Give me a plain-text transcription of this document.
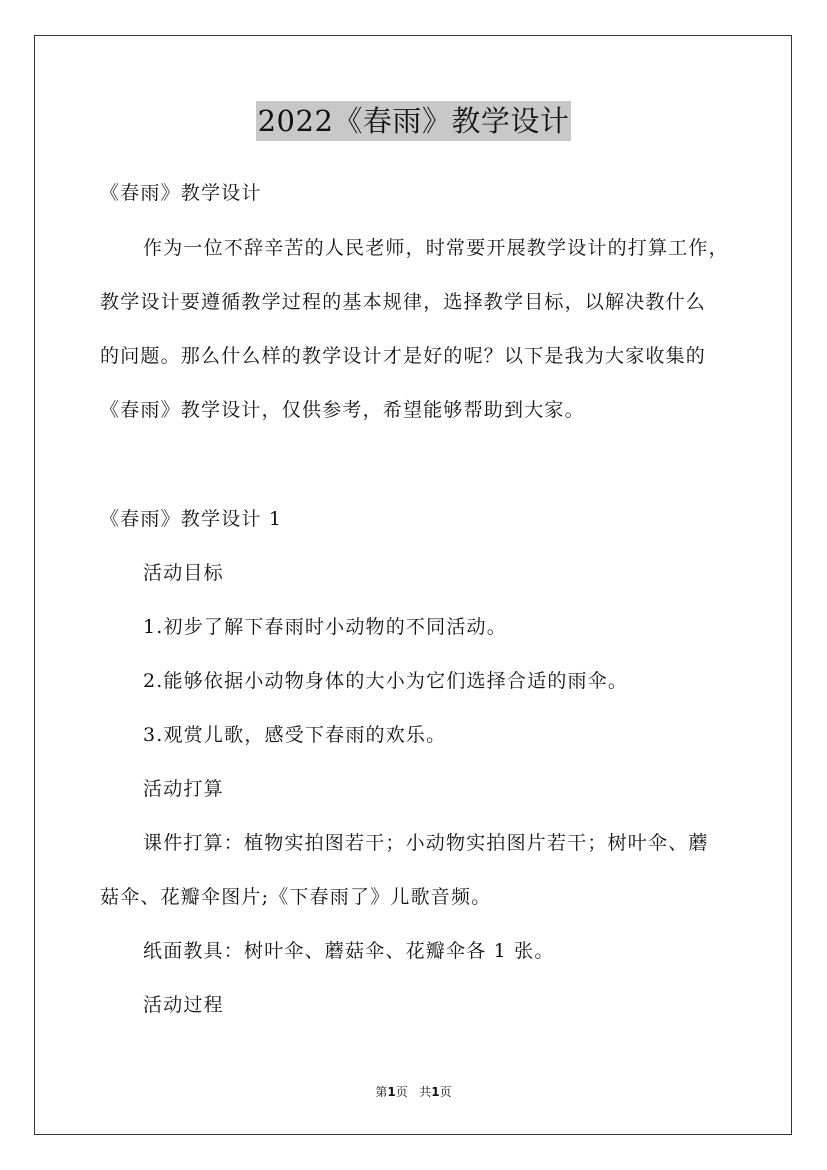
2022《春雨》教学设计
《春雨》教学设计
作为一位不辞辛苦的人民老师，时常要开展教学设计的打算工作，
教学设计要遵循教学过程的基本规律，选择教学目标，以解决教什么
的问题。那么什么样的教学设计才是好的呢？以下是我为大家收集的
《春雨》教学设计，仅供参考，希望能够帮助到大家。
《春雨》教学设计 1
活动目标
1.初步了解下春雨时小动物的不同活动。
2.能够依据小动物身体的大小为它们选择合适的雨伞。
3.观赏儿歌，感受下春雨的欢乐。
活动打算
课件打算：植物实拍图若干；小动物实拍图片若干；树叶伞、蘑
菇伞、花瓣伞图片;《下春雨了》儿歌音频。
纸面教具：树叶伞、蘑菇伞、花瓣伞各 1 张。
活动过程
第1页 共1页
